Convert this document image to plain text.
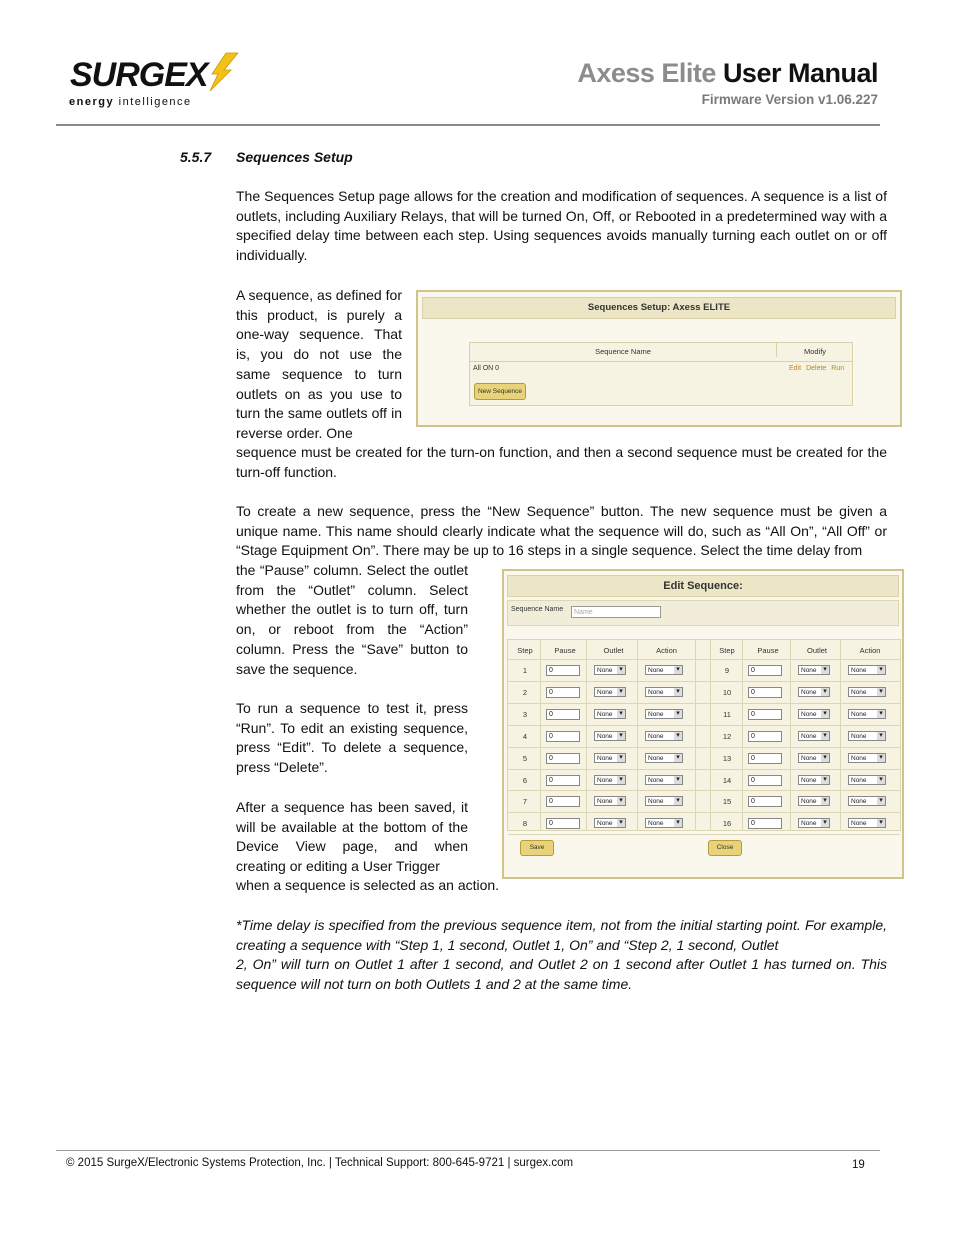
SURGEX
energy intelligence
Axess Elite User Manual
Firmware Version v1.06.227
5.5.7 Sequences Setup
The Sequences Setup page allows for the creation and modification of sequences. A sequence is a list of outlets, including Auxiliary Relays, that will be turned On, Off, or Rebooted in a predetermined way with a specified delay time between each step. Using sequences avoids manually turning each outlet on or off individually.
A sequence, as defined for this product, is purely a one-way sequence. That is, you do not use the same sequence to turn outlets on as you use to turn the same outlets off in reverse order. One
sequence must be created for the turn-on function, and then a second sequence must be created for the turn-off function.
To create a new sequence, press the “New Sequence” button. The new sequence must be given a unique name. This name should clearly indicate what the sequence will do, such as “All On”, “All Off” or “Stage Equipment On”. There may be up to 16 steps in a single sequence. Select the time delay from
the “Pause” column. Select the outlet from the “Outlet” column. Select whether the outlet is to turn off, turn on, or reboot from the “Action” column. Press the “Save” button to save the sequence.
To run a sequence to test it, press “Run”. To edit an existing sequence, press “Edit”. To delete a sequence, press “Delete”.
After a sequence has been saved, it will be available at the bottom of the Device View page, and when creating or editing a User Trigger
when a sequence is selected as an action.
*Time delay is specified from the previous sequence item, not from the initial starting point. For example, creating a sequence with “Step 1, 1 second, Outlet 1, On” and “Step 2, 1 second, Outlet
2, On” will turn on Outlet 1 after 1 second, and Outlet 2 on 1 second after Outlet 1 has turned on. This sequence will not turn on both Outlets 1 and 2 at the same time.
Sequences Setup: Axess ELITE
Sequence Name	Modify
All ON 0	Edit Delete Run
New Sequence
Edit Sequence:
Sequence Name	Name
Step	Pause	Outlet	Action	Step	Pause	Outlet	Action
1	0	None ▾	None ▾	9	0	None ▾	None ▾
2	0	None ▾	None ▾	10	0	None ▾	None ▾
3	0	None ▾	None ▾	11	0	None ▾	None ▾
4	0	None ▾	None ▾	12	0	None ▾	None ▾
5	0	None ▾	None ▾	13	0	None ▾	None ▾
6	0	None ▾	None ▾	14	0	None ▾	None ▾
7	0	None ▾	None ▾	15	0	None ▾	None ▾
8	0	None ▾	None ▾	16	0	None ▾	None ▾
Save	Close
© 2015 SurgeX/Electronic Systems Protection, Inc. | Technical Support: 800-645-9721 | surgex.com	19
